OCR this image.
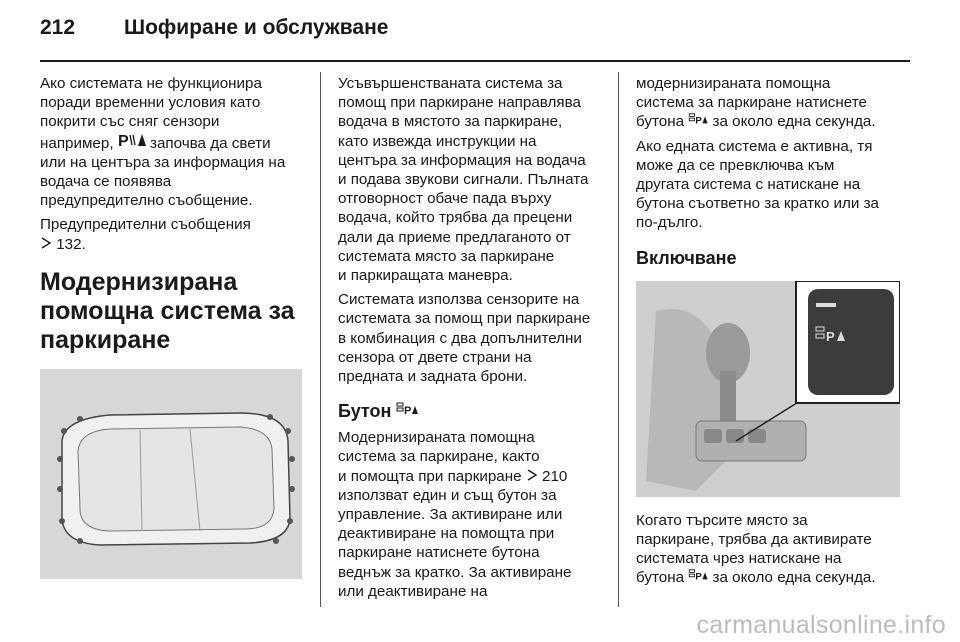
212 Шофиране и обслужване

Ако системата не функционира
поради временни условия като
покрити със сняг сензори
например, P започва да свети
или на центъра за информация на
водача се появява
предупредително съобщение.

Предупредителни съобщения
132.

Модернизирана
помощна система за
паркиране

Усъвършенстваната система за
помощ при паркиране направлява
водача в мястото за паркиране,
като извежда инструкции на
центъра за информация на водача
и подава звукови сигнали. Пълната
отговорност обаче пада върху
водача, който трябва да прецени
дали да приеме предлаганото от
системата място за паркиране
и паркиращата маневра.

Системата използва сензорите на
системата за помощ при паркиране
в комбинация с два допълнителни
сензора от двете страни на
предната и задната брони.

Бутон P

Модернизираната помощна
система за паркиране, както
и помощта при паркиране 210
използват един и същ бутон за
управление. За активиране или
деактивиране на помощта при
паркиране натиснете бутона
веднъж за кратко. За активиране
или деактивиране на

модернизираната помощна
система за паркиране натиснете
бутона P за около една секунда.

Ако едната система е активна, тя
може да се превключва към
другата система с натискане на
бутона съответно за кратко или за
по-дълго.

Включване
P

Когато търсите място за
паркиране, трябва да активирате
системата чрез натискане на
бутона P за около една секунда.

carmanualsonline.info
